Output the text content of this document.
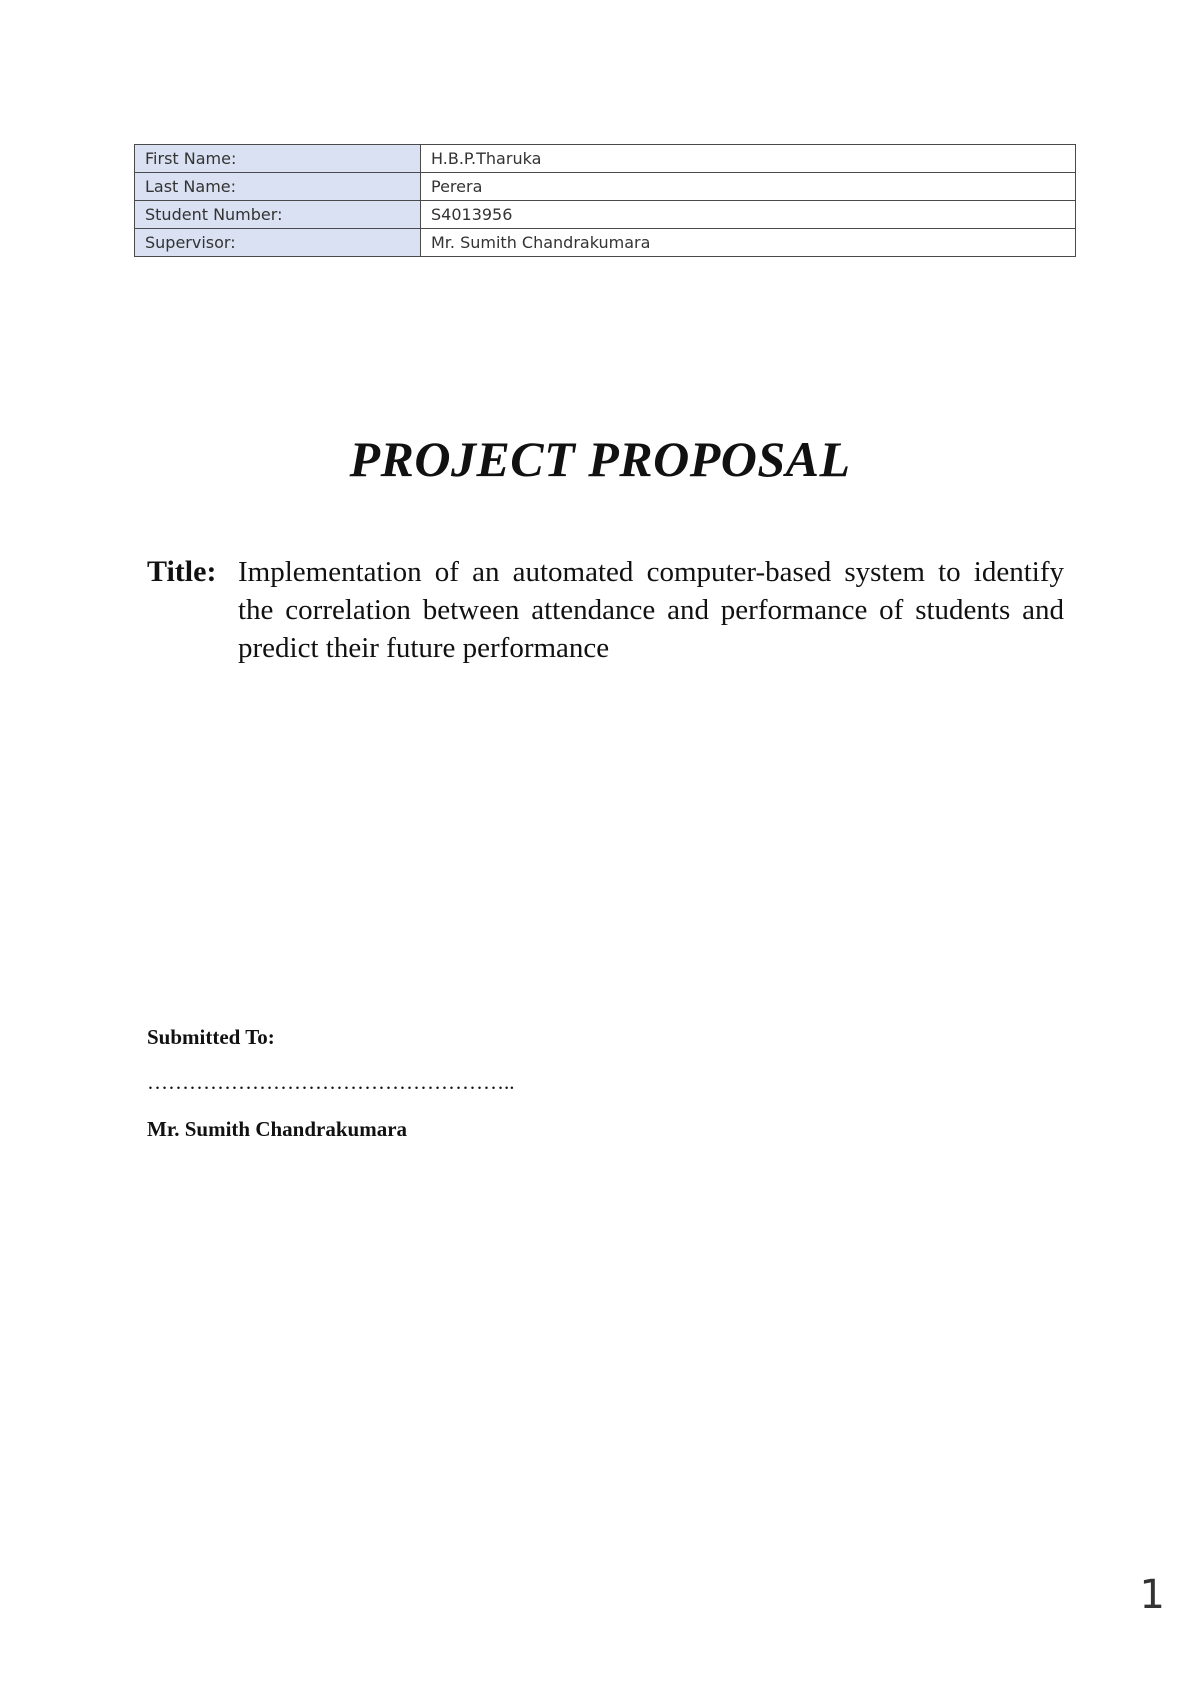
First Name:	H.B.P.Tharuka
Last Name:	Perera
Student Number:	S4013956
Supervisor:	Mr. Sumith Chandrakumara
PROJECT PROPOSAL
Title: Implementation of an automated computer-based system to identify the correlation between attendance and performance of students and predict their future performance
Submitted To:
……………………………………………..
Mr. Sumith Chandrakumara
1
